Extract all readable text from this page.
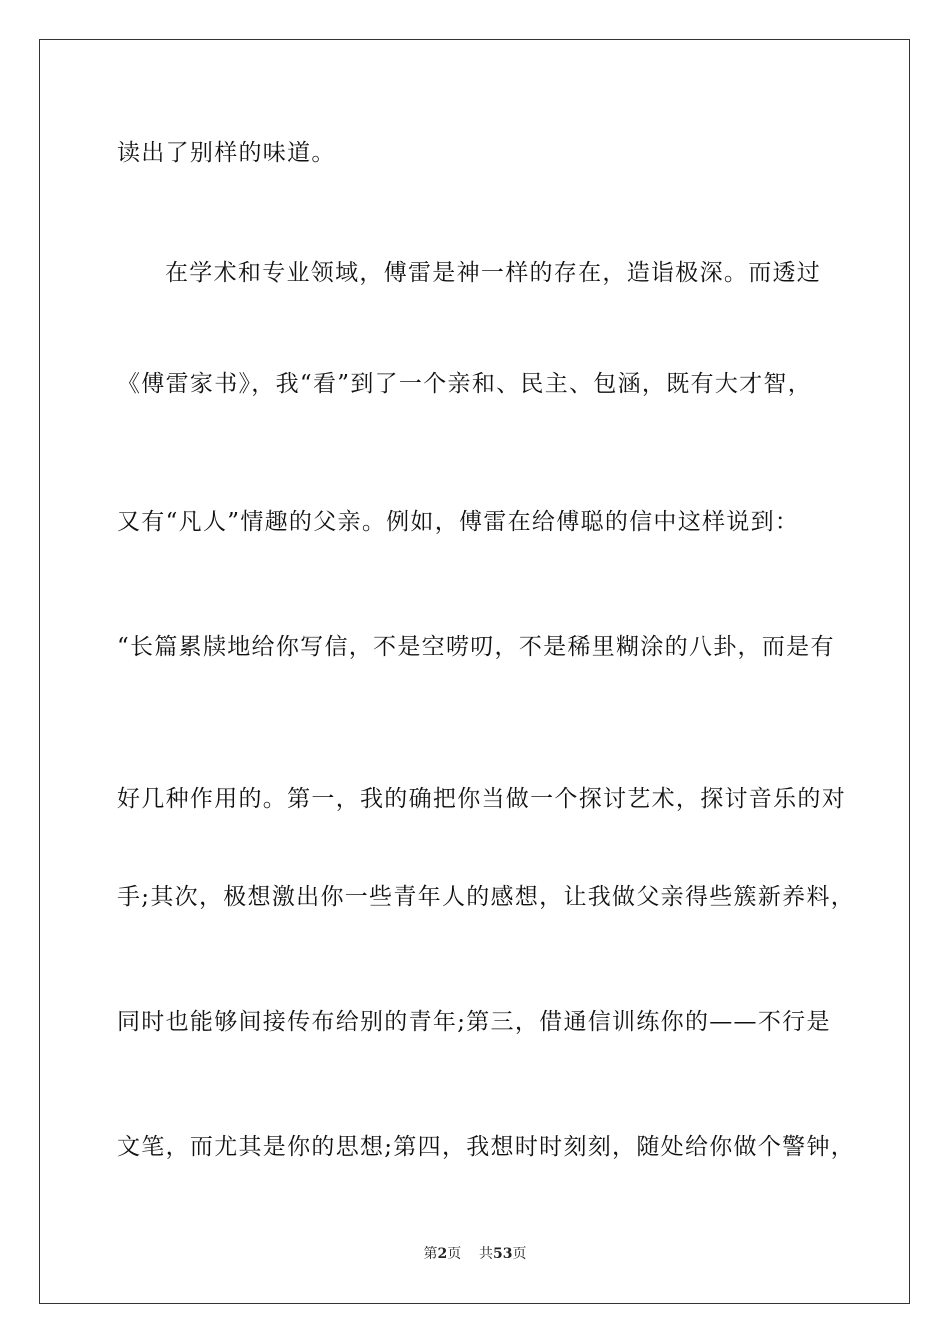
读出了别样的味道。
在学术和专业领域，傅雷是神一样的存在，造诣极深。而透过
《傅雷家书》，我“看”到了一个亲和、民主、包涵，既有大才智，
又有“凡人”情趣的父亲。例如，傅雷在给傅聪的信中这样说到：
“长篇累牍地给你写信，不是空唠叨，不是稀里糊涂的八卦，而是有
好几种作用的。第一，我的确把你当做一个探讨艺术，探讨音乐的对
手;其次，极想激出你一些青年人的感想，让我做父亲得些簇新养料，
同时也能够间接传布给别的青年;第三，借通信训练你的——不行是
文笔，而尤其是你的思想;第四，我想时时刻刻，随处给你做个警钟，
第2页 共53页
